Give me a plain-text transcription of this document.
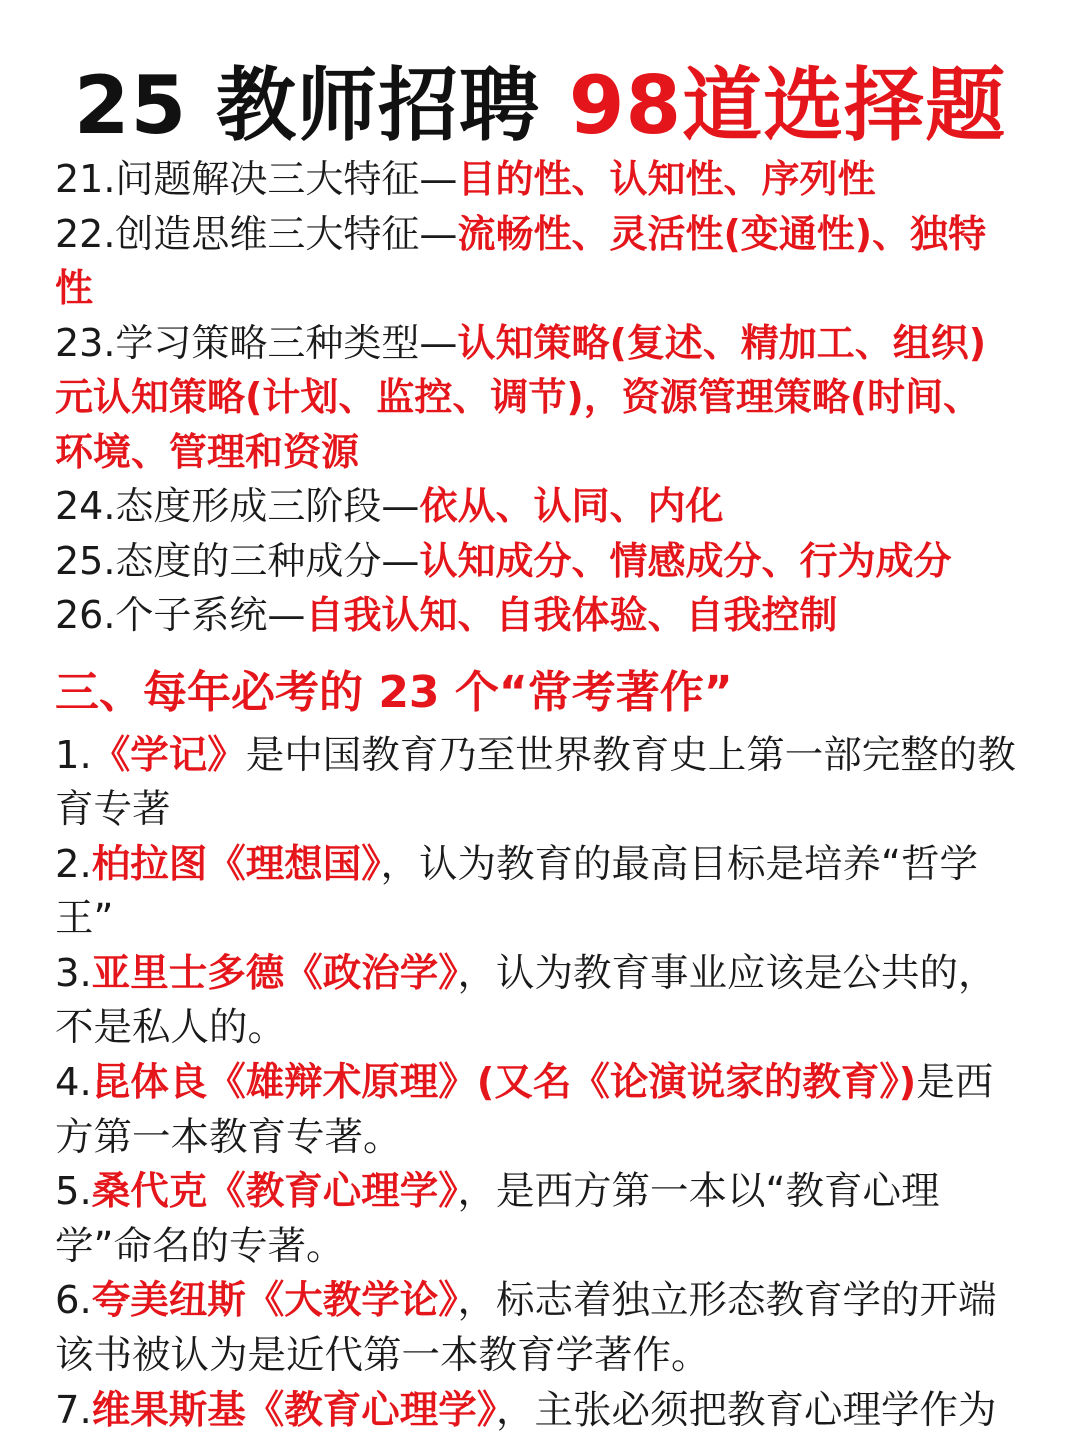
25 教师招聘 98道选择题
21.问题解决三大特征—目的性、认知性、序列性
22.创造思维三大特征—流畅性、灵活性(变通性)、独特
性
23.学习策略三种类型—认知策略(复述、精加工、组织)
元认知策略(计划、监控、调节)，资源管理策略(时间、
环境、管理和资源
24.态度形成三阶段—依从、认同、内化
25.态度的三种成分—认知成分、情感成分、行为成分
26.个子系统—自我认知、自我体验、自我控制
三、每年必考的 23 个“常考著作”
1.《学记》是中国教育乃至世界教育史上第一部完整的教
育专著
2.柏拉图《理想国》，认为教育的最高目标是培养“哲学
王”
3.亚里士多德《政治学》，认为教育事业应该是公共的，
不是私人的。
4.昆体良《雄辩术原理》(又名《论演说家的教育》)是西
方第一本教育专著。
5.桑代克《教育心理学》，是西方第一本以“教育心理
学”命名的专著。
6.夸美纽斯《大教学论》，标志着独立形态教育学的开端
该书被认为是近代第一本教育学著作。
7.维果斯基《教育心理学》，主张必须把教育心理学作为
